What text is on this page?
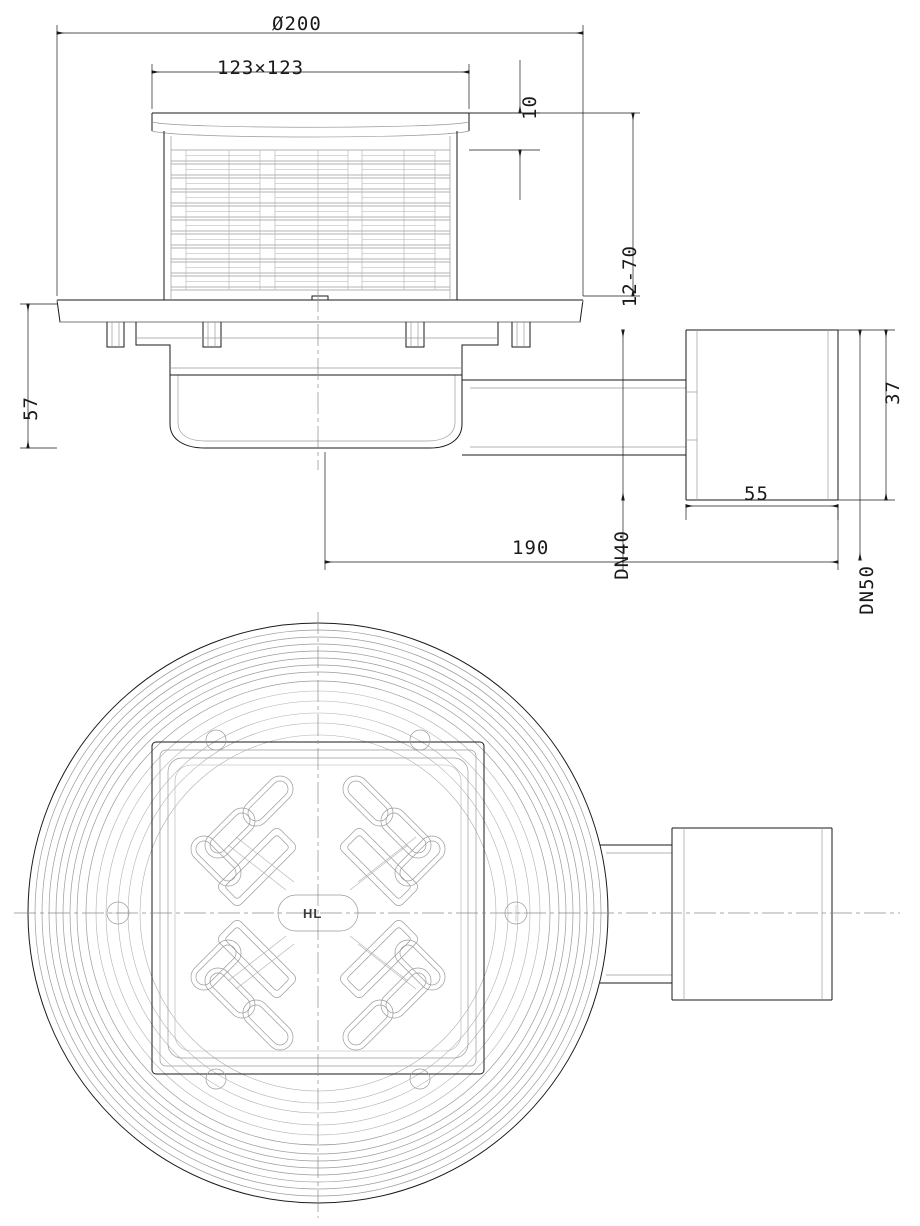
Ø200
123×123
10
12-70
57
37
55
DN40
DN50
190
HL
